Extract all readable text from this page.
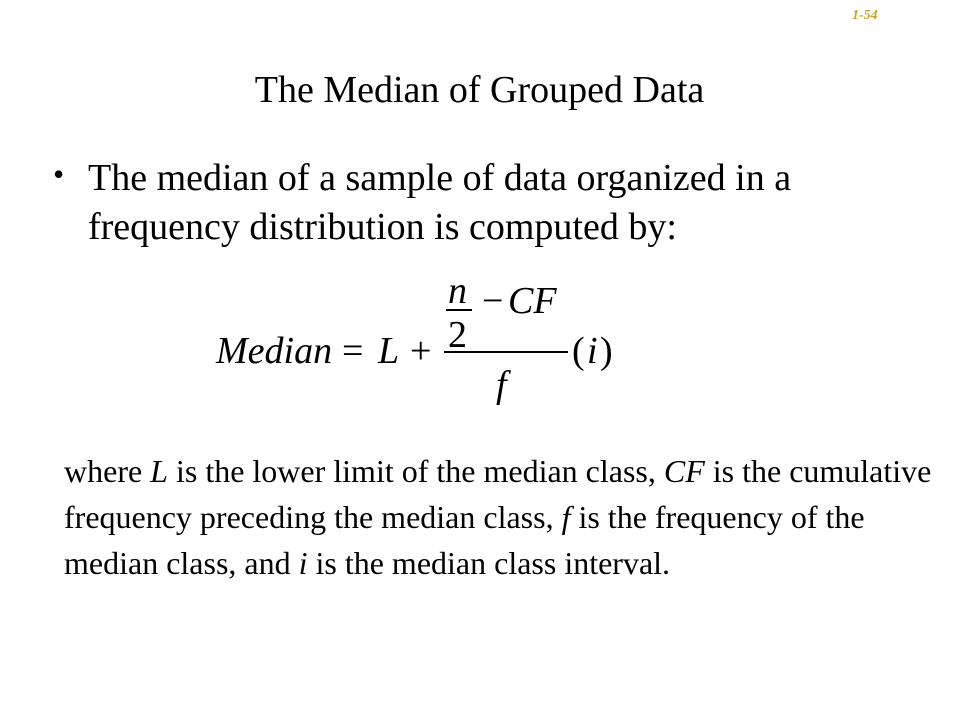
1-54
The Median of Grouped Data
• The median of a sample of data organized in a frequency distribution is computed by:
Median = L +
n
2
− CF
f
( i )
where L is the lower limit of the median class, CF is the cumulative frequency preceding the median class, f is the frequency of the median class, and i is the median class interval.
